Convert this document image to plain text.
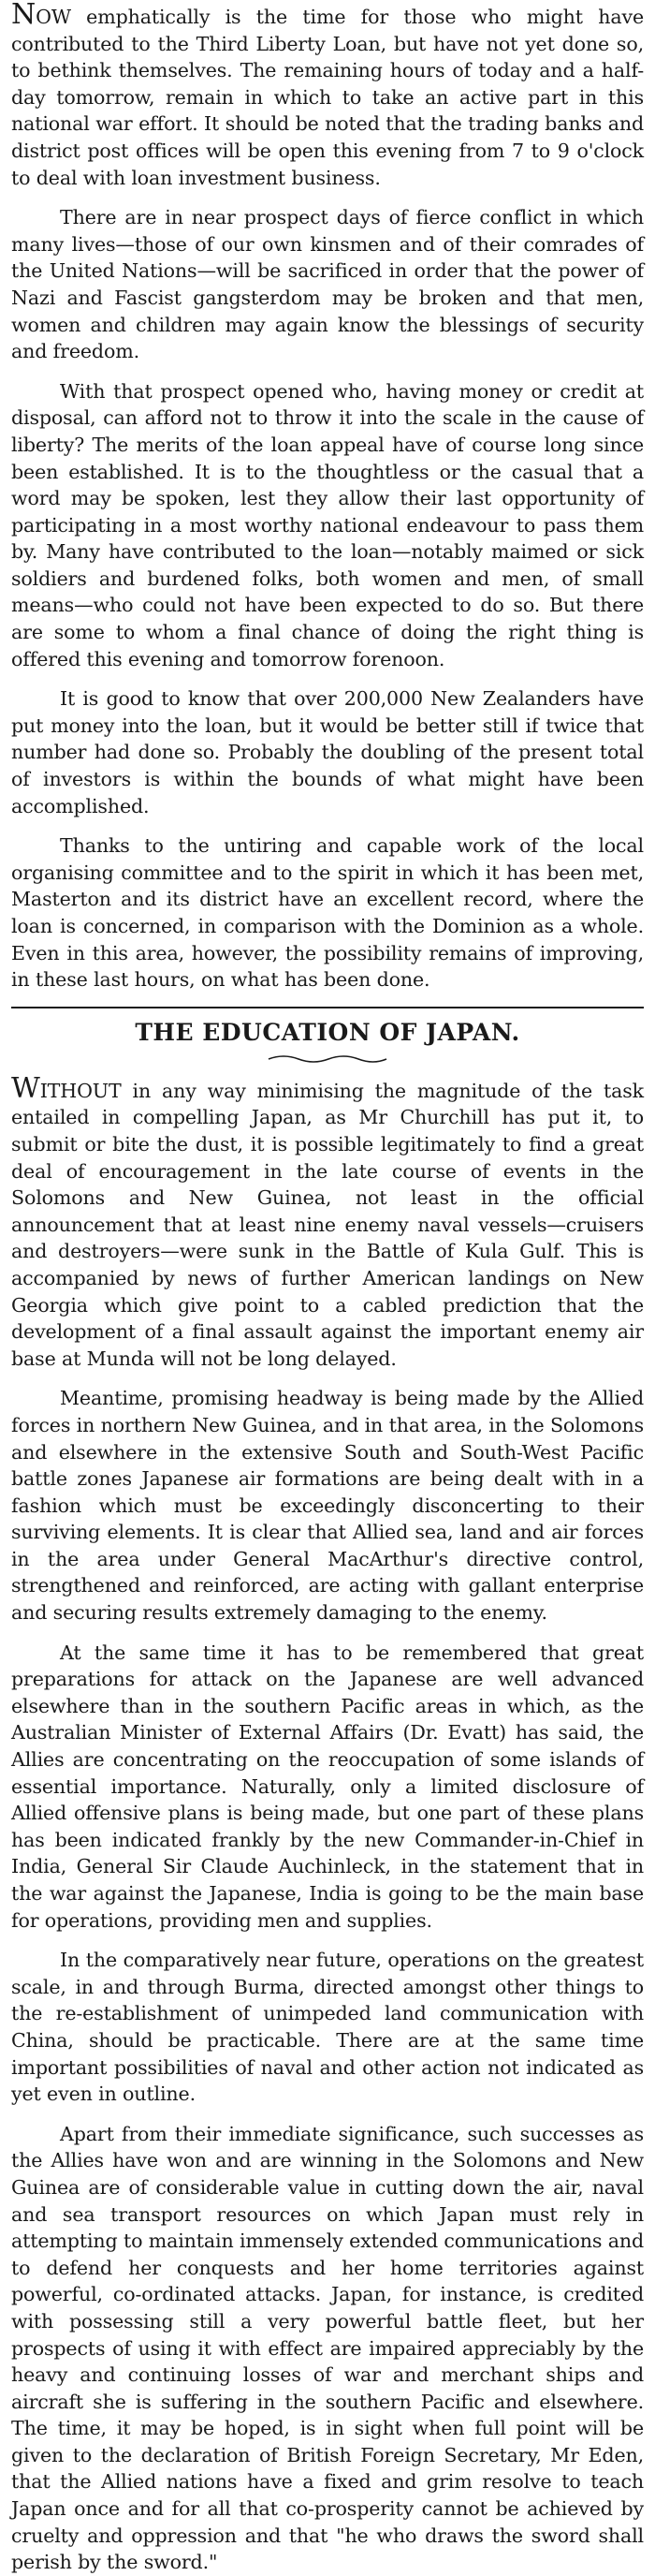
NOW emphatically is the time for those who might have contributed to the Third Liberty Loan, but have not yet done so, to bethink themselves. The remaining hours of today and a half-day tomorrow, remain in which to take an active part in this national war effort. It should be noted that the trading banks and district post offices will be open this evening from 7 to 9 o'clock to deal with loan investment business.

There are in near prospect days of fierce conflict in which many lives—those of our own kinsmen and of their comrades of the United Nations—will be sacrificed in order that the power of Nazi and Fascist gangsterdom may be broken and that men, women and children may again know the blessings of security and freedom.

With that prospect opened who, having money or credit at disposal, can afford not to throw it into the scale in the cause of liberty? The merits of the loan appeal have of course long since been established. It is to the thoughtless or the casual that a word may be spoken, lest they allow their last opportunity of participating in a most worthy national endeavour to pass them by. Many have contributed to the loan—notably maimed or sick soldiers and burdened folks, both women and men, of small means—who could not have been expected to do so. But there are some to whom a final chance of doing the right thing is offered this evening and tomorrow forenoon.

It is good to know that over 200,000 New Zealanders have put money into the loan, but it would be better still if twice that number had done so. Probably the doubling of the present total of investors is within the bounds of what might have been accomplished.

Thanks to the untiring and capable work of the local organising committee and to the spirit in which it has been met, Masterton and its district have an excellent record, where the loan is concerned, in comparison with the Dominion as a whole. Even in this area, however, the possibility remains of improving, in these last hours, on what has been done.

THE EDUCATION OF JAPAN.

WITHOUT in any way minimising the magnitude of the task entailed in compelling Japan, as Mr Churchill has put it, to submit or bite the dust, it is possible legitimately to find a great deal of encouragement in the late course of events in the Solomons and New Guinea, not least in the official announcement that at least nine enemy naval vessels—cruisers and destroyers—were sunk in the Battle of Kula Gulf. This is accompanied by news of further American landings on New Georgia which give point to a cabled prediction that the development of a final assault against the important enemy air base at Munda will not be long delayed.

Meantime, promising headway is being made by the Allied forces in northern New Guinea, and in that area, in the Solomons and elsewhere in the extensive South and South-West Pacific battle zones Japanese air formations are being dealt with in a fashion which must be exceedingly disconcerting to their surviving elements. It is clear that Allied sea, land and air forces in the area under General MacArthur's directive control, strengthened and reinforced, are acting with gallant enterprise and securing results extremely damaging to the enemy.

At the same time it has to be remembered that great preparations for attack on the Japanese are well advanced elsewhere than in the southern Pacific areas in which, as the Australian Minister of External Affairs (Dr. Evatt) has said, the Allies are concentrating on the reoccupation of some islands of essential importance. Naturally, only a limited disclosure of Allied offensive plans is being made, but one part of these plans has been indicated frankly by the new Commander-in-Chief in India, General Sir Claude Auchinleck, in the statement that in the war against the Japanese, India is going to be the main base for operations, providing men and supplies.

In the comparatively near future, operations on the greatest scale, in and through Burma, directed amongst other things to the re-establishment of unimpeded land communication with China, should be practicable. There are at the same time important possibilities of naval and other action not indicated as yet even in outline.

Apart from their immediate significance, such successes as the Allies have won and are winning in the Solomons and New Guinea are of considerable value in cutting down the air, naval and sea transport resources on which Japan must rely in attempting to maintain immensely extended communications and to defend her conquests and her home territories against powerful, co-ordinated attacks. Japan, for instance, is credited with possessing still a very powerful battle fleet, but her prospects of using it with effect are impaired appreciably by the heavy and continuing losses of war and merchant ships and aircraft she is suffering in the southern Pacific and elsewhere. The time, it may be hoped, is in sight when full point will be given to the declaration of British Foreign Secretary, Mr Eden, that the Allied nations have a fixed and grim resolve to teach Japan once and for all that co-prosperity cannot be achieved by cruelty and oppression and that "he who draws the sword shall perish by the sword."
